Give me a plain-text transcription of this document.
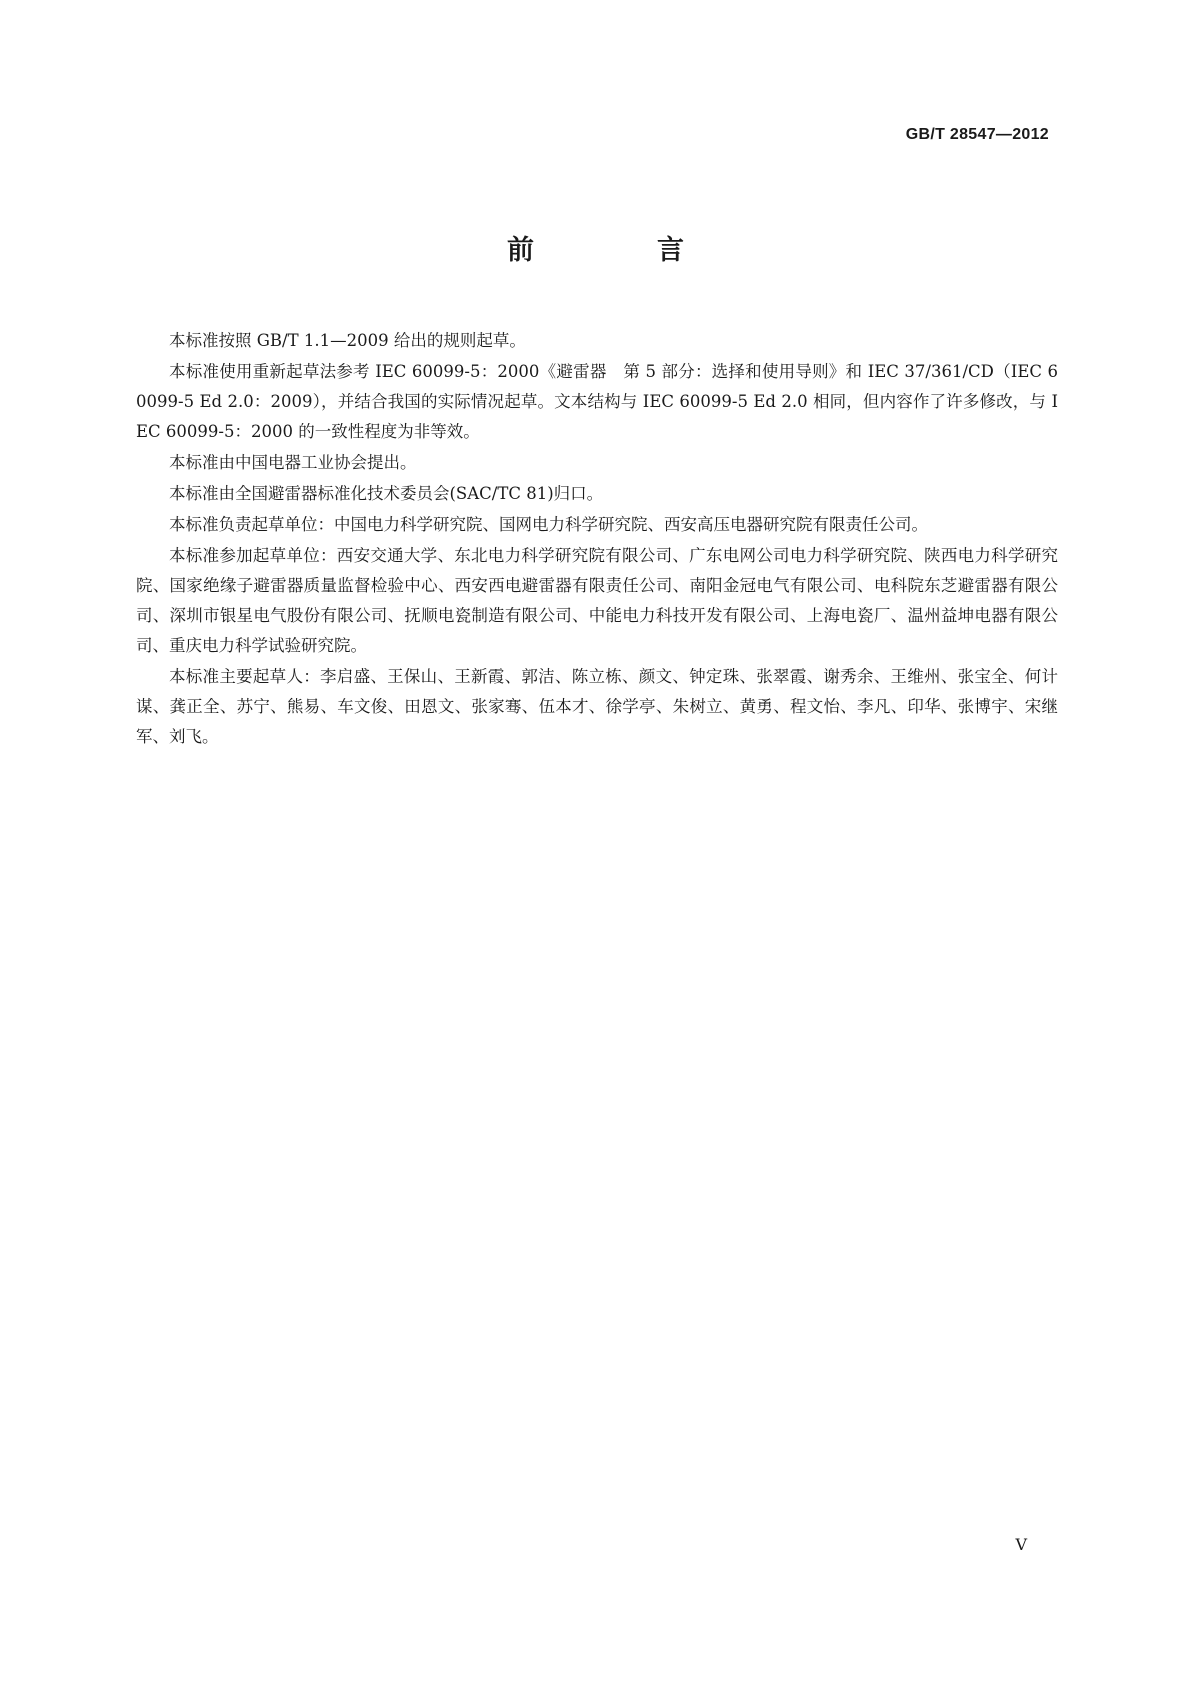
GB/T 28547—2012
前　言

本标准按照 GB/T 1.1—2009 给出的规则起草。

本标准使用重新起草法参考 IEC 60099-5：2000《避雷器　第 5 部分：选择和使用导则》和 IEC 37/361/CD（IEC 60099-5 Ed 2.0：2009），并结合我国的实际情况起草。文本结构与 IEC 60099-5 Ed 2.0 相同，但内容作了许多修改，与 IEC 60099-5：2000 的一致性程度为非等效。

本标准由中国电器工业协会提出。

本标准由全国避雷器标准化技术委员会(SAC/TC 81)归口。

本标准负责起草单位：中国电力科学研究院、国网电力科学研究院、西安高压电器研究院有限责任公司。

本标准参加起草单位：西安交通大学、东北电力科学研究院有限公司、广东电网公司电力科学研究院、陕西电力科学研究院、国家绝缘子避雷器质量监督检验中心、西安西电避雷器有限责任公司、南阳金冠电气有限公司、电科院东芝避雷器有限公司、深圳市银星电气股份有限公司、抚顺电瓷制造有限公司、中能电力科技开发有限公司、上海电瓷厂、温州益坤电器有限公司、重庆电力科学试验研究院。

本标准主要起草人：李启盛、王保山、王新霞、郭洁、陈立栋、颜文、钟定珠、张翠霞、谢秀余、王维州、张宝全、何计谋、龚正全、苏宁、熊易、车文俊、田恩文、张家骞、伍本才、徐学亭、朱树立、黄勇、程文怡、李凡、印华、张博宇、宋继军、刘飞。

V
